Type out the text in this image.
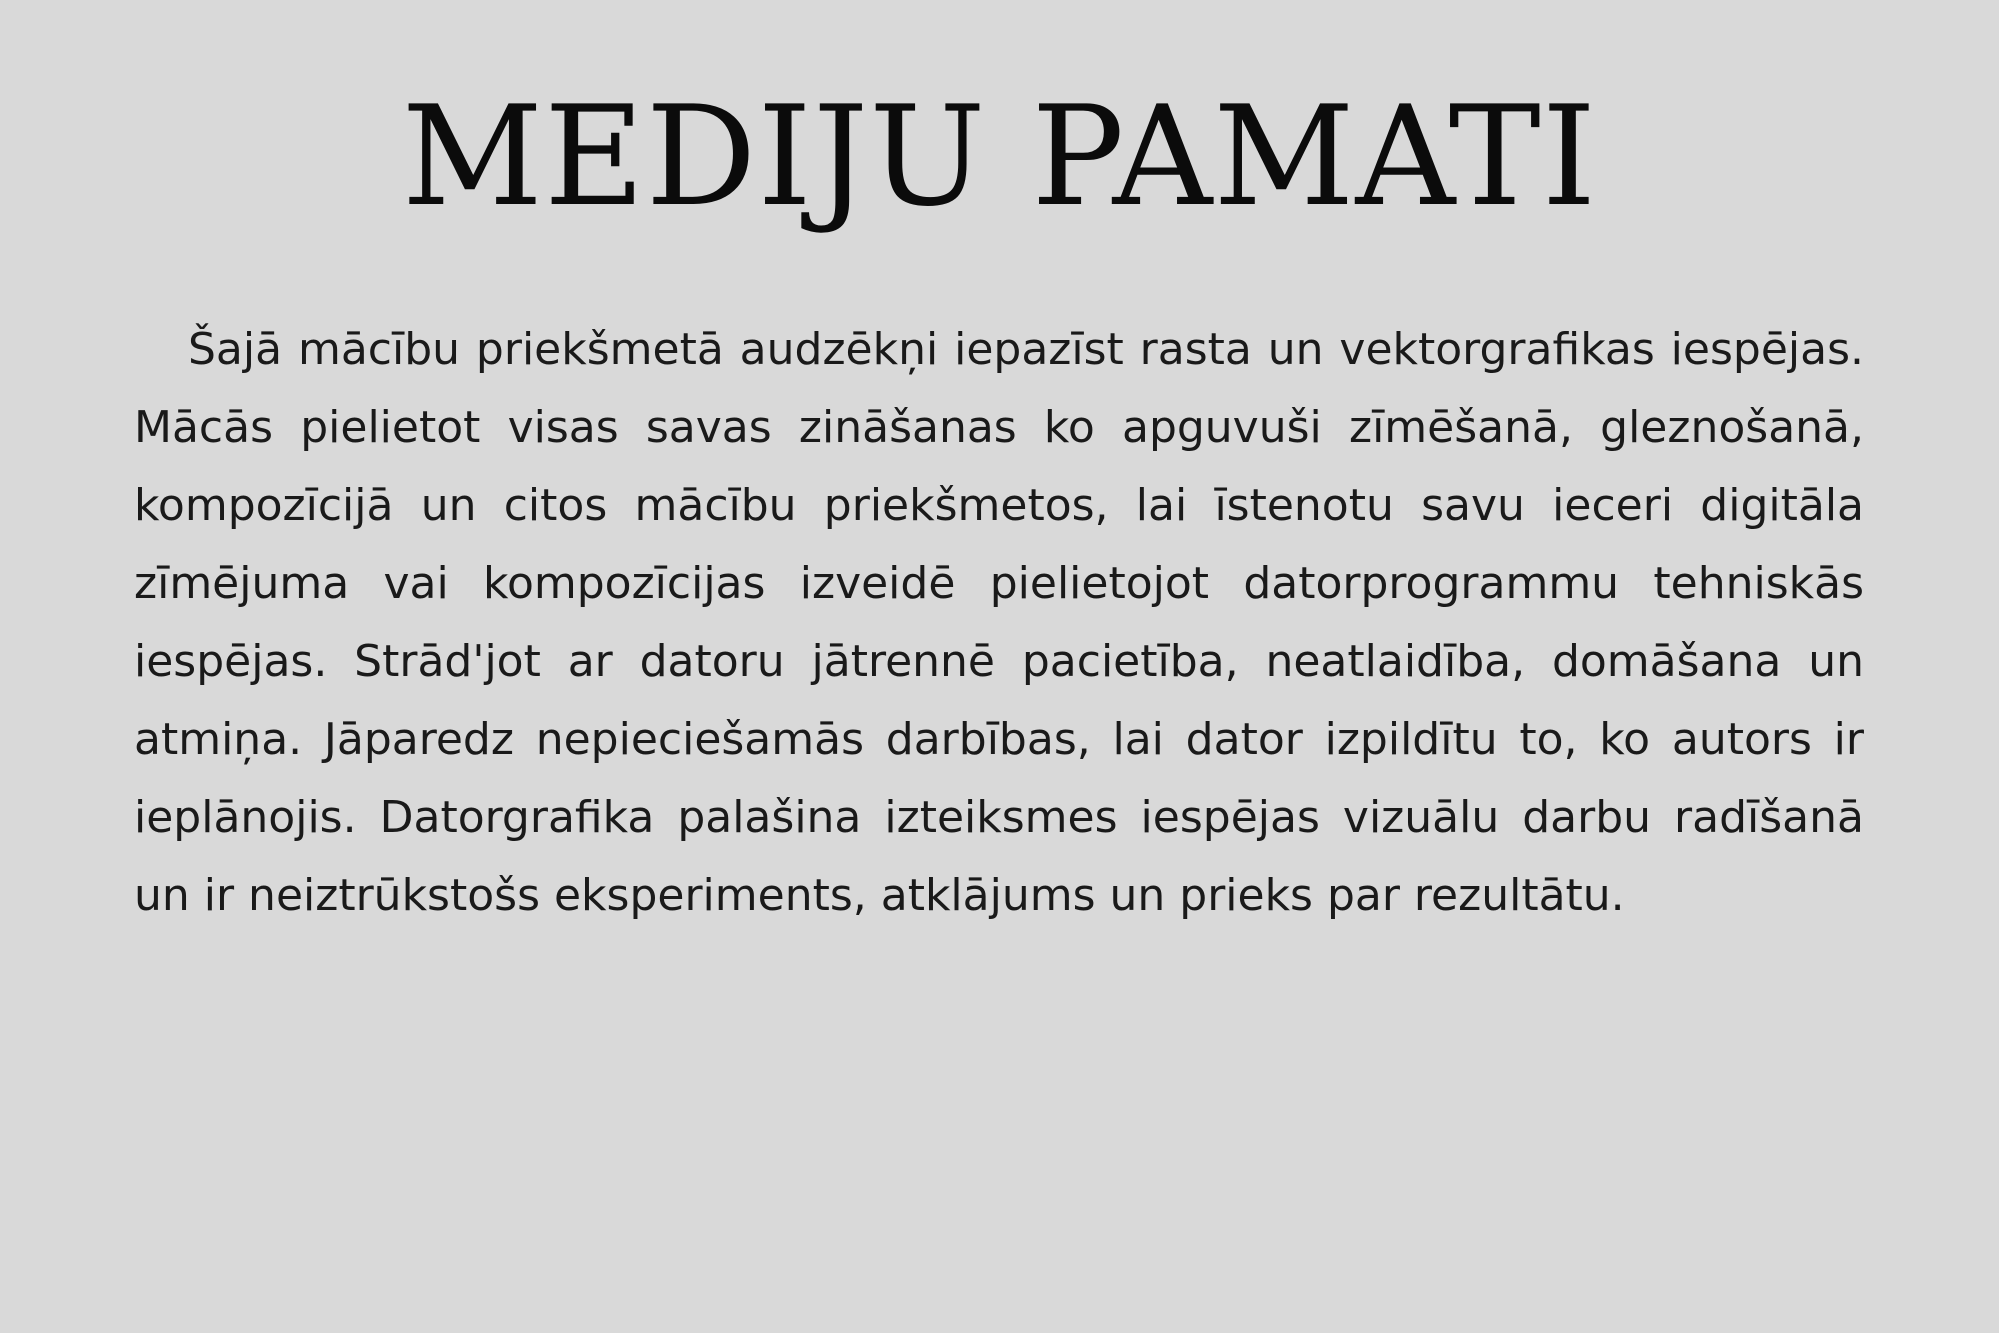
MEDIJU PAMATI

Šajā mācību priekšmetā audzēkņi iepazīst rasta un vektorgrafikas iespējas. Mācās pielietot visas savas zināšanas ko apguvuši zīmēšanā, gleznošanā, kompozīcijā un citos mācību priekšmetos, lai īstenotu savu ieceri digitāla zīmējuma vai kompozīcijas izveidē pielietojot datorprogrammu tehniskās iespējas. Strād'jot ar datoru jātrennē pacietība, neatlaidība, domāšana un atmiņa. Jāparedz nepieciešamās darbības, lai dator izpildītu to, ko autors ir ieplānojis. Datorgrafika palašina izteiksmes iespējas vizuālu darbu radīšanā un ir neiztrūkstošs eksperiments, atklājums un prieks par rezultātu.
